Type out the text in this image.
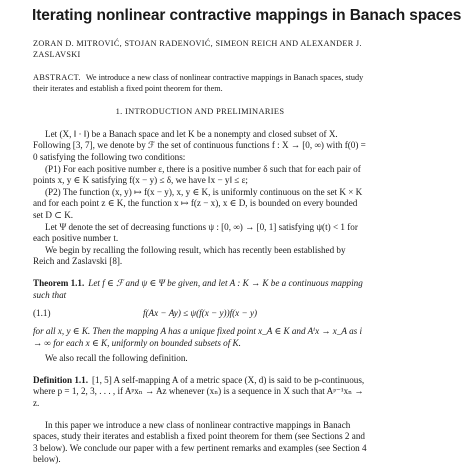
Iterating nonlinear contractive mappings in Banach spaces
ZORAN D. MITROVIĆ, STOJAN RADENOVIĆ, SIMEON REICH AND ALEXANDER J. ZASLAVSKI
ABSTRACT. We introduce a new class of nonlinear contractive mappings in Banach spaces, study their iterates and establish a fixed point theorem for them.
1. INTRODUCTION AND PRELIMINARIES

Let (X, ‖ · ‖) be a Banach space and let K be a nonempty and closed subset of X. Following [3, 7], we denote by ℱ the set of continuous functions f : X → [0, ∞) with f(0) = 0 satisfying the following two conditions:

(P1) For each positive number ε, there is a positive number δ such that for each pair of points x, y ∈ K satisfying f(x − y) ≤ δ, we have ‖x − y‖ ≤ ε;

(P2) The function (x, y) ↦ f(x − y), x, y ∈ K, is uniformly continuous on the set K × K and for each point z ∈ K, the function x ↦ f(z − x), x ∈ D, is bounded on every bounded set D ⊂ K.

Let Ψ denote the set of decreasing functions ψ : [0, ∞) → [0, 1] satisfying ψ(t) < 1 for each positive number t.

We begin by recalling the following result, which has recently been established by Reich and Zaslavski [8].

Theorem 1.1. Let f ∈ ℱ and ψ ∈ Ψ be given, and let A : K → K be a continuous mapping such that

(1.1)	f(Ax − Ay) ≤ ψ(f(x − y))f(x − y)

for all x, y ∈ K. Then the mapping A has a unique fixed point x_A ∈ K and Aⁱx → x_A as i → ∞ for each x ∈ K, uniformly on bounded subsets of K.

We also recall the following definition.

Definition 1.1. [1, 5] A self-mapping A of a metric space (X, d) is said to be p-continuous, where p = 1, 2, 3, . . . , if Aᵖxₙ → Az whenever (xₙ) is a sequence in X such that Aᵖ⁻¹xₙ → z.

In this paper we introduce a new class of nonlinear contractive mappings in Banach spaces, study their iterates and establish a fixed point theorem for them (see Sections 2 and 3 below). We conclude our paper with a few pertinent remarks and examples (see Section 4 below).
